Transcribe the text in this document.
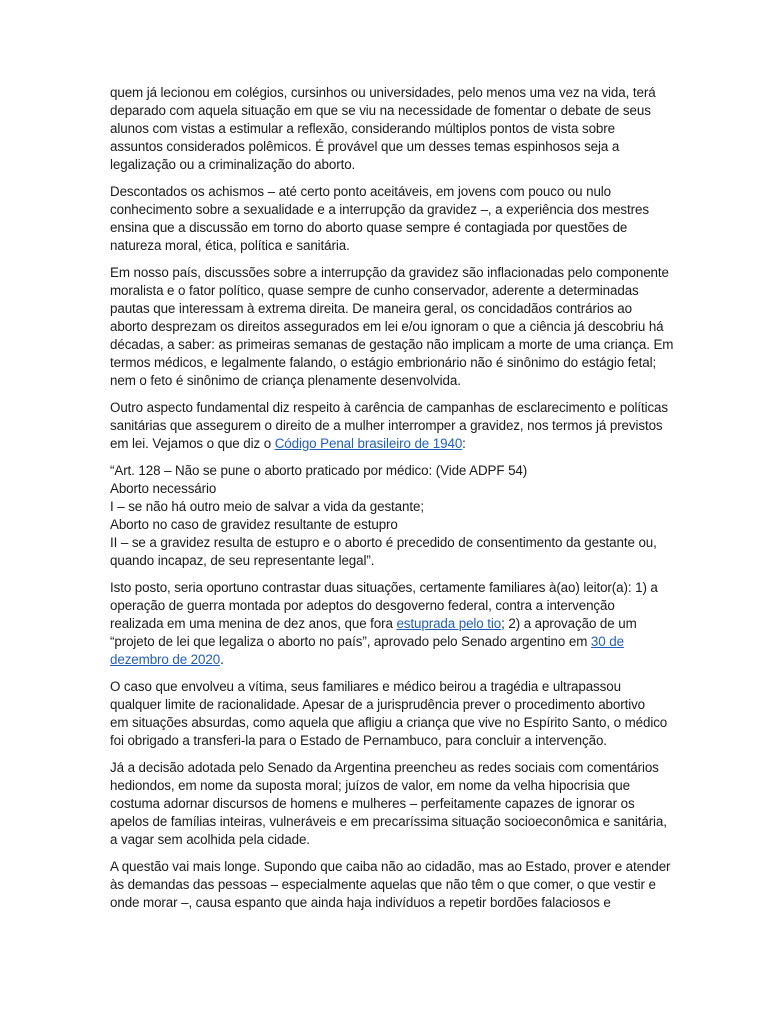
quem já lecionou em colégios, cursinhos ou universidades, pelo menos uma vez na vida, terá
deparado com aquela situação em que se viu na necessidade de fomentar o debate de seus
alunos com vistas a estimular a reflexão, considerando múltiplos pontos de vista sobre
assuntos considerados polêmicos. É provável que um desses temas espinhosos seja a
legalização ou a criminalização do aborto.

Descontados os achismos – até certo ponto aceitáveis, em jovens com pouco ou nulo
conhecimento sobre a sexualidade e a interrupção da gravidez –, a experiência dos mestres
ensina que a discussão em torno do aborto quase sempre é contagiada por questões de
natureza moral, ética, política e sanitária.

Em nosso país, discussões sobre a interrupção da gravidez são inflacionadas pelo componente
moralista e o fator político, quase sempre de cunho conservador, aderente a determinadas
pautas que interessam à extrema direita. De maneira geral, os concidadãos contrários ao
aborto desprezam os direitos assegurados em lei e/ou ignoram o que a ciência já descobriu há
décadas, a saber: as primeiras semanas de gestação não implicam a morte de uma criança. Em
termos médicos, e legalmente falando, o estágio embrionário não é sinônimo do estágio fetal;
nem o feto é sinônimo de criança plenamente desenvolvida.

Outro aspecto fundamental diz respeito à carência de campanhas de esclarecimento e políticas
sanitárias que assegurem o direito de a mulher interromper a gravidez, nos termos já previstos
em lei. Vejamos o que diz o Código Penal brasileiro de 1940:

“Art. 128 – Não se pune o aborto praticado por médico: (Vide ADPF 54)
Aborto necessário
I – se não há outro meio de salvar a vida da gestante;
Aborto no caso de gravidez resultante de estupro
II – se a gravidez resulta de estupro e o aborto é precedido de consentimento da gestante ou,
quando incapaz, de seu representante legal”.

Isto posto, seria oportuno contrastar duas situações, certamente familiares à(ao) leitor(a): 1) a
operação de guerra montada por adeptos do desgoverno federal, contra a intervenção
realizada em uma menina de dez anos, que fora estuprada pelo tio; 2) a aprovação de um
“projeto de lei que legaliza o aborto no país”, aprovado pelo Senado argentino em 30 de
dezembro de 2020.

O caso que envolveu a vítima, seus familiares e médico beirou a tragédia e ultrapassou
qualquer limite de racionalidade. Apesar de a jurisprudência prever o procedimento abortivo
em situações absurdas, como aquela que afligiu a criança que vive no Espírito Santo, o médico
foi obrigado a transferi-la para o Estado de Pernambuco, para concluir a intervenção.

Já a decisão adotada pelo Senado da Argentina preencheu as redes sociais com comentários
hediondos, em nome da suposta moral; juízos de valor, em nome da velha hipocrisia que
costuma adornar discursos de homens e mulheres – perfeitamente capazes de ignorar os
apelos de famílias inteiras, vulneráveis e em precaríssima situação socioeconômica e sanitária,
a vagar sem acolhida pela cidade.

A questão vai mais longe. Supondo que caiba não ao cidadão, mas ao Estado, prover e atender
às demandas das pessoas – especialmente aquelas que não têm o que comer, o que vestir e
onde morar –, causa espanto que ainda haja indivíduos a repetir bordões falaciosos e
